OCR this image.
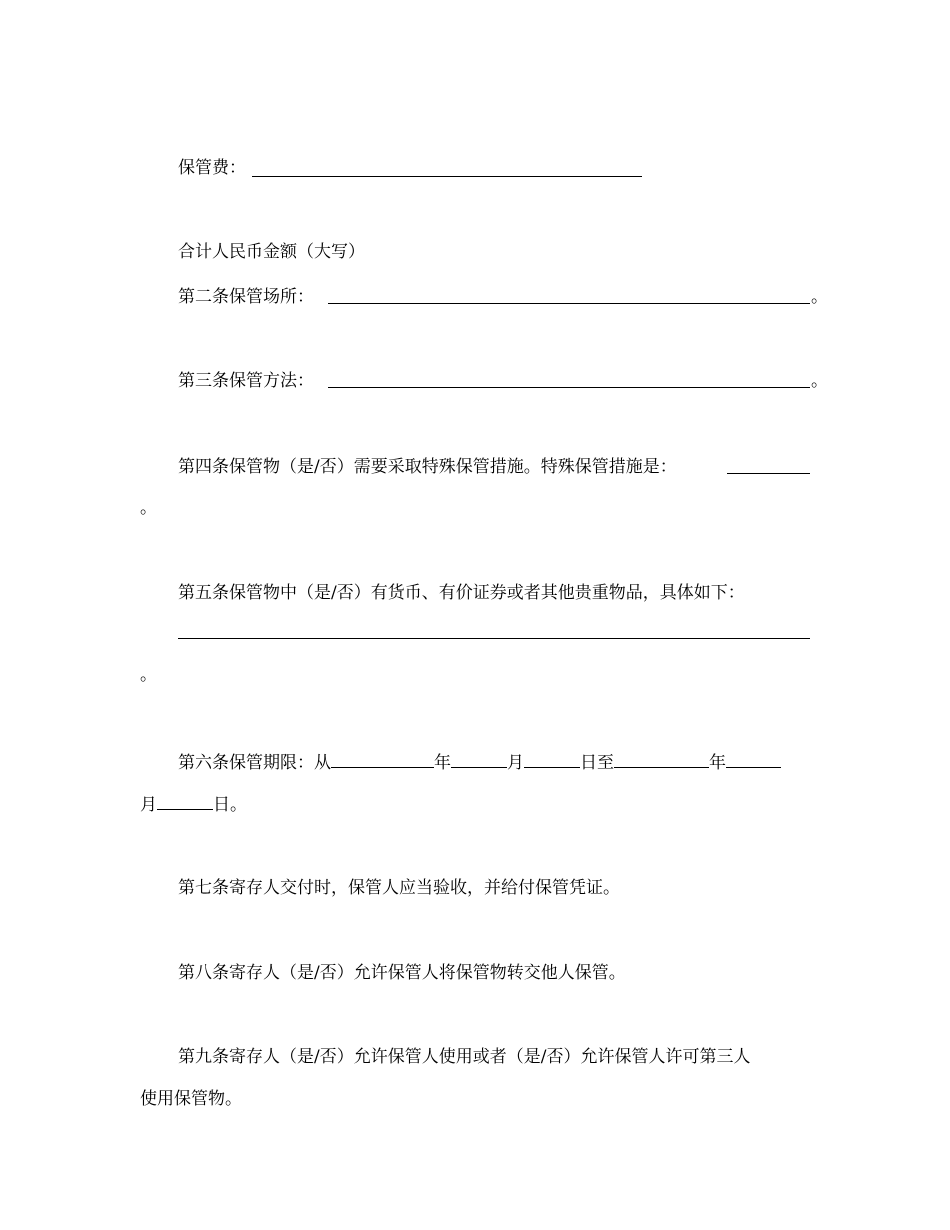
保管费：
合计人民币金额（大写）
第二条保管场所：	。
第三条保管方法：	。
第四条保管物（是/否）需要采取特殊保管措施。特殊保管措施是：
。
第五条保管物中（是/否）有货币、有价证券或者其他贵重物品，具体如下：
。
第六条保管期限：从	年	月	日至	年
月	日。
第七条寄存人交付时，保管人应当验收，并给付保管凭证。
第八条寄存人（是/否）允许保管人将保管物转交他人保管。
第九条寄存人（是/否）允许保管人使用或者（是/否）允许保管人许可第三人
使用保管物。
